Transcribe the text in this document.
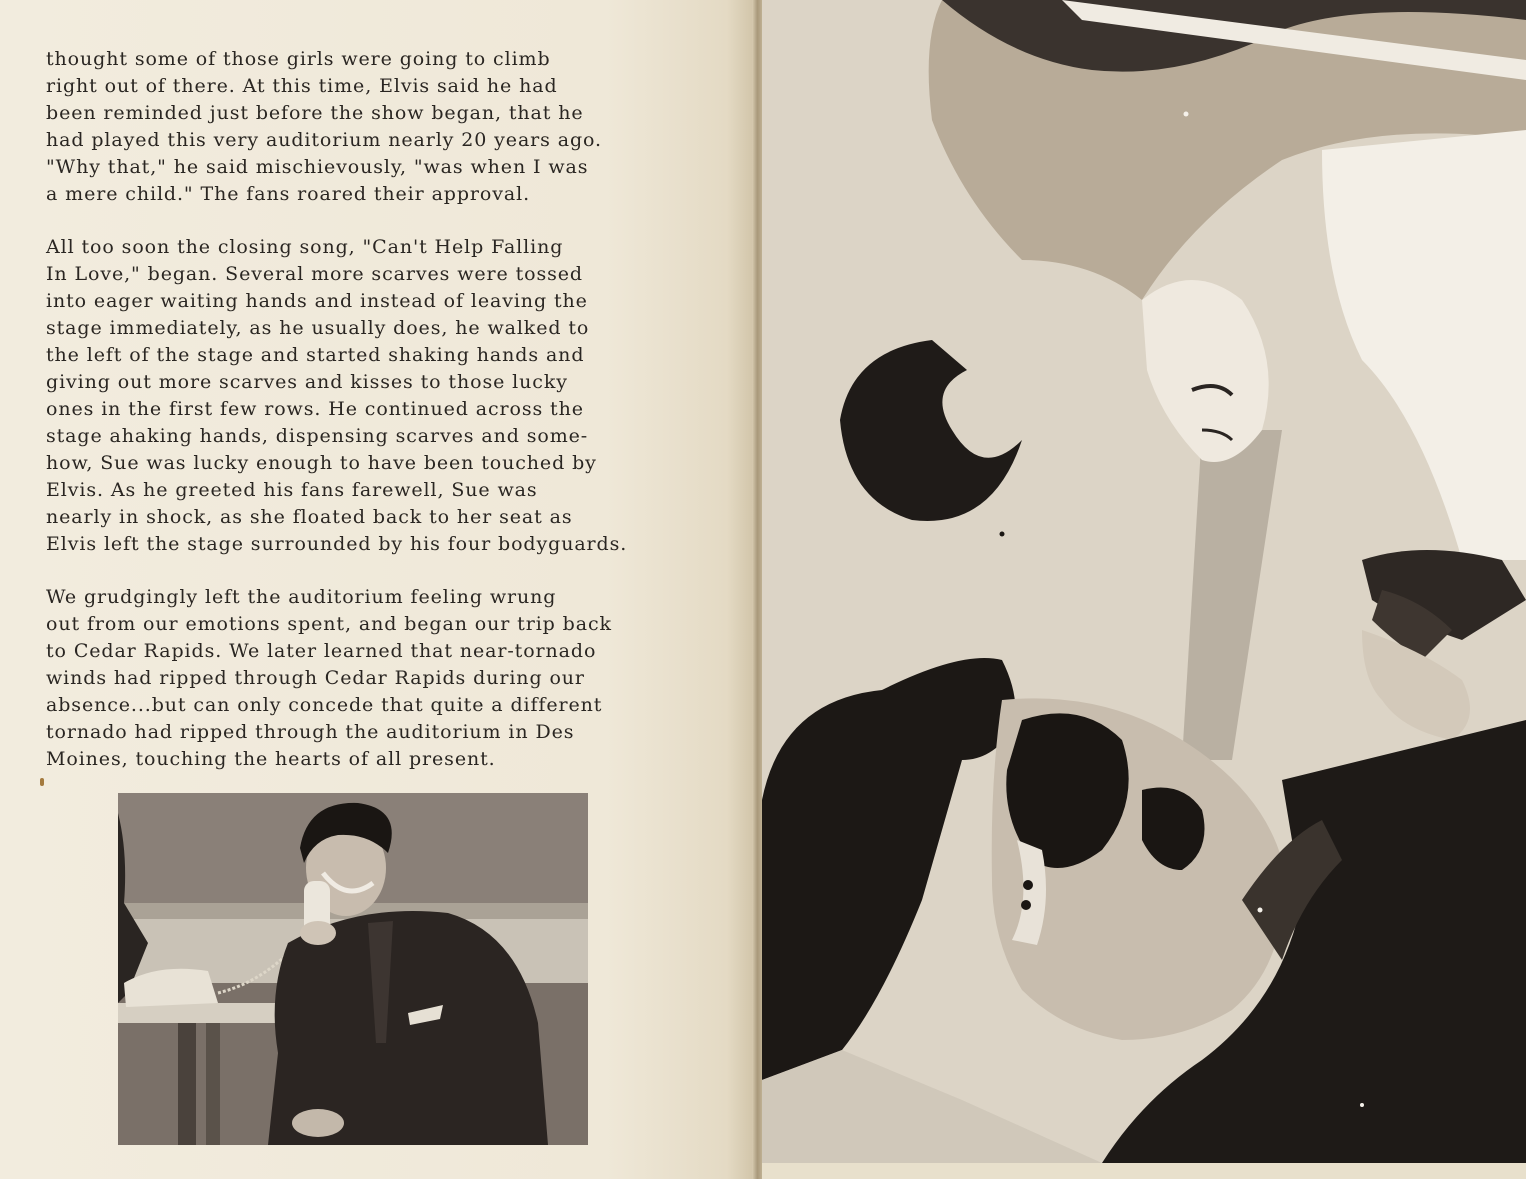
thought some of those girls were going to climb
right out of there. At this time, Elvis said he had
been reminded just before the show began, that he
had played this very auditorium nearly 20 years ago.
"Why that," he said mischievously, "was when I was
a mere child." The fans roared their approval.

All too soon the closing song, "Can't Help Falling
In Love," began. Several more scarves were tossed
into eager waiting hands and instead of leaving the
stage immediately, as he usually does, he walked to
the left of the stage and started shaking hands and
giving out more scarves and kisses to those lucky
ones in the first few rows. He continued across the
stage ahaking hands, dispensing scarves and some-
how, Sue was lucky enough to have been touched by
Elvis. As he greeted his fans farewell, Sue was
nearly in shock, as she floated back to her seat as
Elvis left the stage surrounded by his four bodyguards.

We grudgingly left the auditorium feeling wrung
out from our emotions spent, and began our trip back
to Cedar Rapids. We later learned that near-tornado
winds had ripped through Cedar Rapids during our
absence...but can only concede that quite a different
tornado had ripped through the auditorium in Des
Moines, touching the hearts of all present.
